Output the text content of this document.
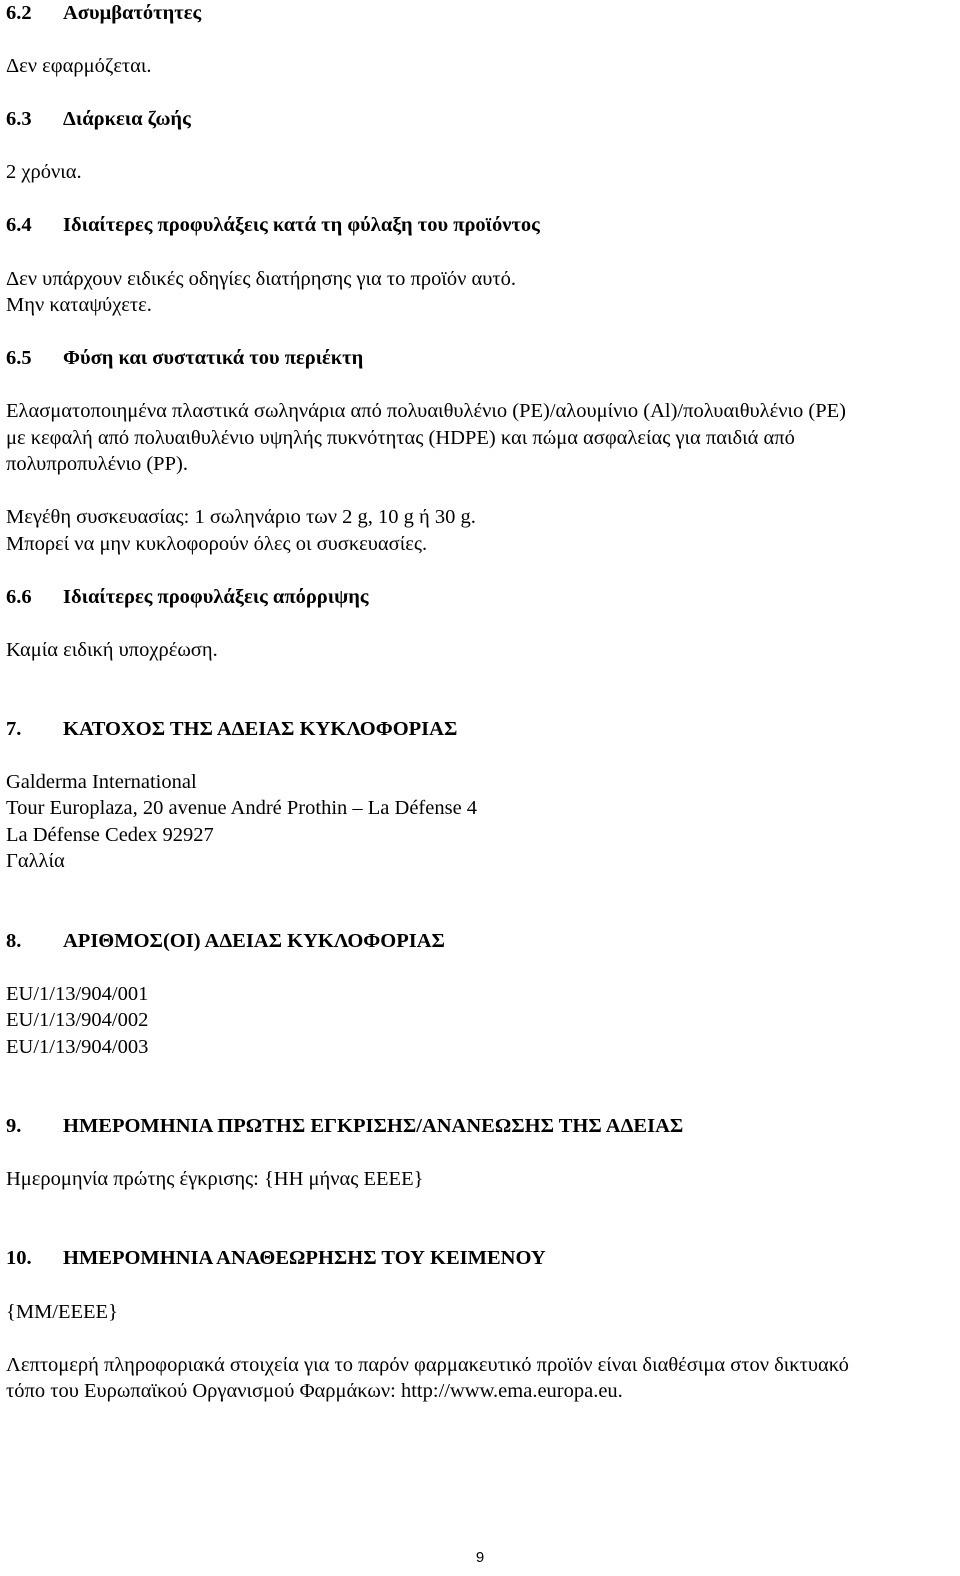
6.2 Ασυμβατότητες
Δεν εφαρμόζεται.
6.3 Διάρκεια ζωής
2 χρόνια.
6.4 Ιδιαίτερες προφυλάξεις κατά τη φύλαξη του προϊόντος
Δεν υπάρχουν ειδικές οδηγίες διατήρησης για το προϊόν αυτό.
Μην καταψύχετε.
6.5 Φύση και συστατικά του περιέκτη
Ελασματοποιημένα πλαστικά σωληνάρια από πολυαιθυλένιο (PE)/αλουμίνιο (Al)/πολυαιθυλένιο (PE)
με κεφαλή από πολυαιθυλένιο υψηλής πυκνότητας (HDPE) και πώμα ασφαλείας για παιδιά από
πολυπροπυλένιο (PP).
Μεγέθη συσκευασίας: 1 σωληνάριο των 2 g, 10 g ή 30 g.
Μπορεί να μην κυκλοφορούν όλες οι συσκευασίες.
6.6 Ιδιαίτερες προφυλάξεις απόρριψης
Καμία ειδική υποχρέωση.
7. ΚΑΤΟΧΟΣ ΤΗΣ ΑΔΕΙΑΣ ΚΥΚΛΟΦΟΡΙΑΣ
Galderma International
Tour Europlaza, 20 avenue André Prothin – La Défense 4
La Défense Cedex 92927
Γαλλία
8. ΑΡΙΘΜΟΣ(ΟΙ) ΑΔΕΙΑΣ ΚΥΚΛΟΦΟΡΙΑΣ
EU/1/13/904/001
EU/1/13/904/002
EU/1/13/904/003
9. ΗΜΕΡΟΜΗΝΙΑ ΠΡΩΤΗΣ ΕΓΚΡΙΣΗΣ/ΑΝΑΝΕΩΣΗΣ ΤΗΣ ΑΔΕΙΑΣ
Ημερομηνία πρώτης έγκρισης: {ΗΗ μήνας ΕΕΕΕ}
10. ΗΜΕΡΟΜΗΝΙΑ ΑΝΑΘΕΩΡΗΣΗΣ ΤΟΥ ΚΕΙΜΕΝΟΥ
{ΜΜ/ΕΕΕΕ}
Λεπτομερή πληροφοριακά στοιχεία για το παρόν φαρμακευτικό προϊόν είναι διαθέσιμα στον δικτυακό
τόπο του Ευρωπαϊκού Οργανισμού Φαρμάκων: http://www.ema.europa.eu.
9
